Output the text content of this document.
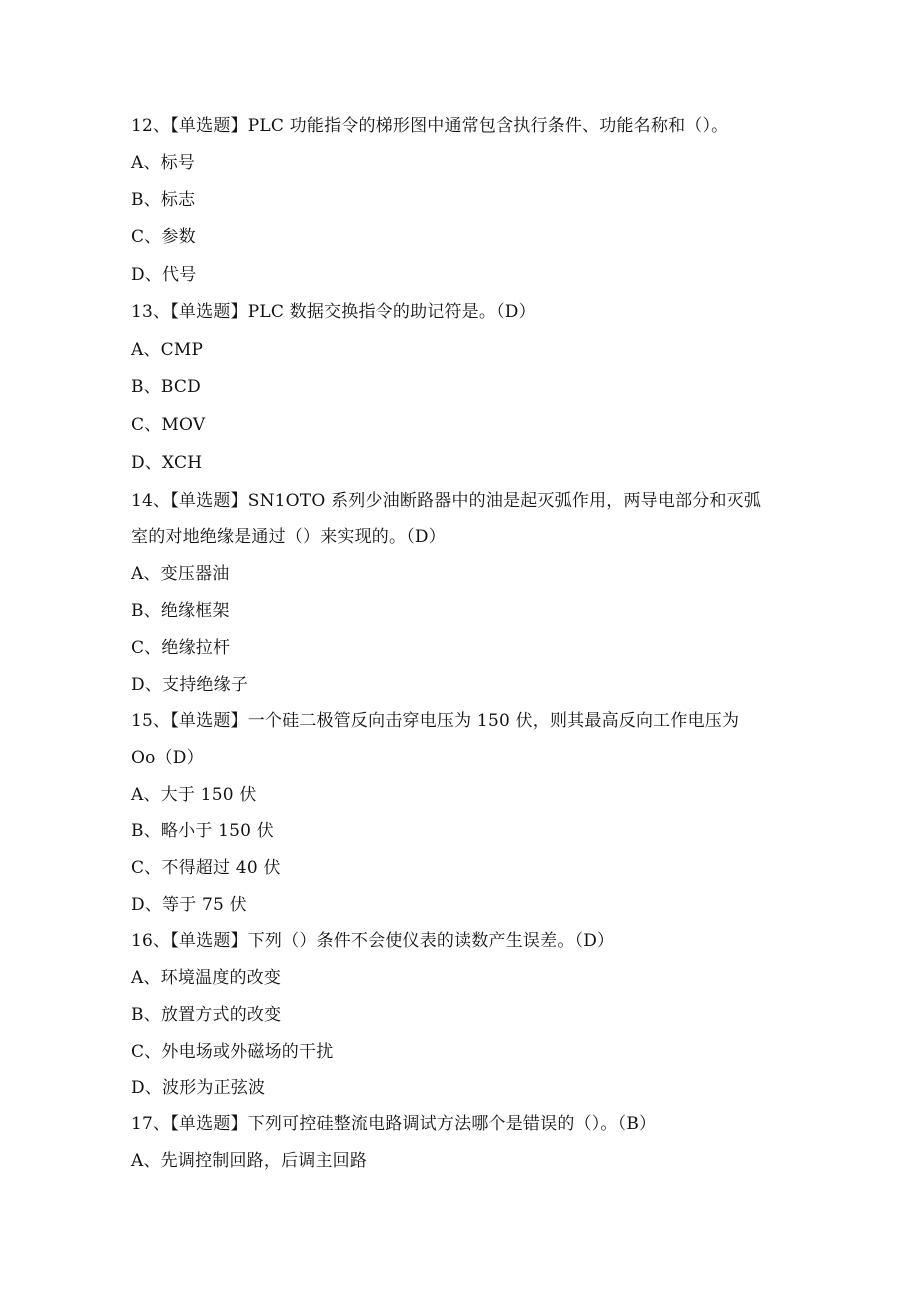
12、【单选题】PLC 功能指令的梯形图中通常包含执行条件、功能名称和（）。
A、标号
B、标志
C、参数
D、代号
13、【单选题】PLC 数据交换指令的助记符是。（D）
A、CMP
B、BCD
C、MOV
D、XCH
14、【单选题】SN1OTO 系列少油断路器中的油是起灭弧作用，两导电部分和灭弧
室的对地绝缘是通过（）来实现的。（D）
A、变压器油
B、绝缘框架
C、绝缘拉杆
D、支持绝缘子
15、【单选题】一个硅二极管反向击穿电压为 150 伏，则其最高反向工作电压为
Oo（D）
A、大于 150 伏
B、略小于 150 伏
C、不得超过 40 伏
D、等于 75 伏
16、【单选题】下列（）条件不会使仪表的读数产生误差。（D）
A、环境温度的改变
B、放置方式的改变
C、外电场或外磁场的干扰
D、波形为正弦波
17、【单选题】下列可控硅整流电路调试方法哪个是错误的（）。（B）
A、先调控制回路，后调主回路
